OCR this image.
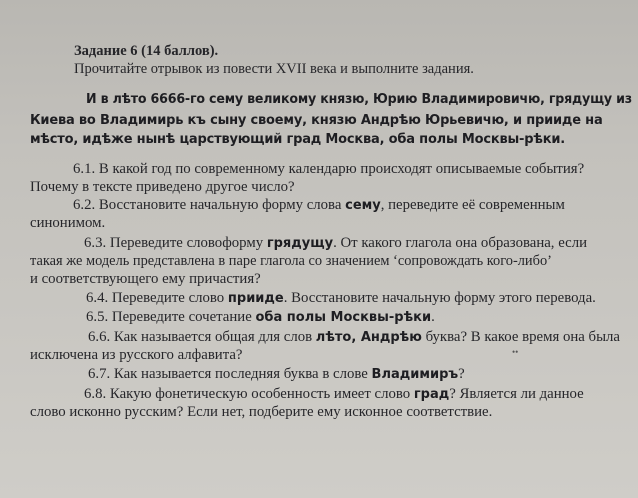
Задание 6 (14 баллов).
Прочитайте отрывок из повести XVII века и выполните задания.
И в лѣто 6666-го сему великому князю, Юрию Владимировичю, грядущу из
Киева во Владимирь къ сыну своему, князю Андрѣю Юрьевичю, и прииде на
мѣсто, идѣже нынѣ царствующий град Москва, оба полы Москвы-рѣки.
6.1. В какой год по современному календарю происходят описываемые события?
Почему в тексте приведено другое число?
6.2. Восстановите начальную форму слова сему, переведите её современным
синонимом.
6.3. Переведите словоформу грядущу. От какого глагола она образована, если
такая же модель представлена в паре глагола со значением ‘сопровождать кого-либо’
и соответствующего ему причастия?
6.4. Переведите слово прииде. Восстановите начальную форму этого перевода.
6.5. Переведите сочетание оба полы Москвы-рѣки.
6.6. Как называется общая для слов лѣто, Андрѣю буква? В какое время она была
исключена из русского алфавита?	••
6.7. Как называется последняя буква в слове Владимиръ?
6.8. Какую фонетическую особенность имеет слово град? Является ли данное
слово исконно русским? Если нет, подберите ему исконное соответствие.
